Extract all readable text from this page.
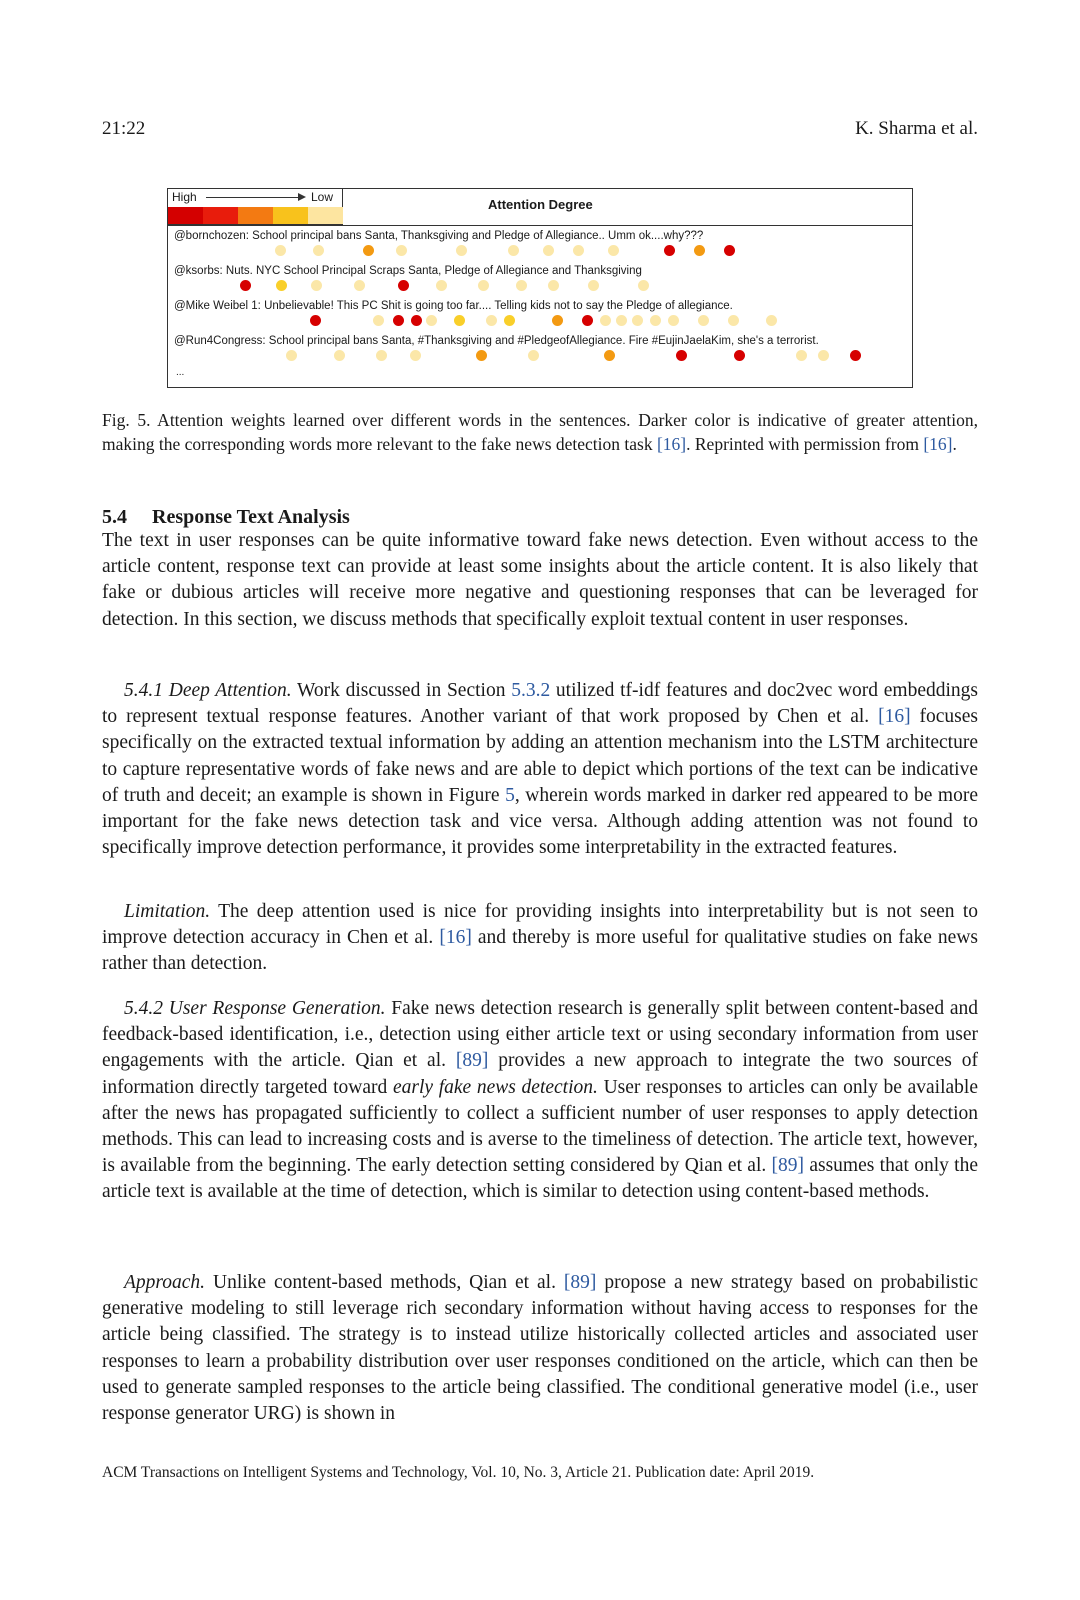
21:22	K. Sharma et al.
High	Low	Attention Degree
@bornchozen: School principal bans Santa, Thanksgiving and Pledge of Allegiance.. Umm ok....why???
@ksorbs: Nuts. NYC School Principal Scraps Santa, Pledge of Allegiance and Thanksgiving
@Mike Weibel 1: Unbelievable! This PC Shit is going too far.... Telling kids not to say the Pledge of allegiance.
@Run4Congress: School principal bans Santa, #Thanksgiving and #PledgeofAllegiance. Fire #EujinJaelaKim, she's a terrorist.
...
Fig. 5. Attention weights learned over different words in the sentences. Darker color is indicative of greater attention, making the corresponding words more relevant to the fake news detection task [16]. Reprinted with permission from [16].
5.4 Response Text Analysis
The text in user responses can be quite informative toward fake news detection. Even without access to the article content, response text can provide at least some insights about the article content. It is also likely that fake or dubious articles will receive more negative and questioning responses that can be leveraged for detection. In this section, we discuss methods that specifically exploit textual content in user responses.
5.4.1 Deep Attention. Work discussed in Section 5.3.2 utilized tf-idf features and doc2vec word embeddings to represent textual response features. Another variant of that work proposed by Chen et al. [16] focuses specifically on the extracted textual information by adding an attention mechanism into the LSTM architecture to capture representative words of fake news and are able to depict which portions of the text can be indicative of truth and deceit; an example is shown in Figure 5, wherein words marked in darker red appeared to be more important for the fake news detection task and vice versa. Although adding attention was not found to specifically improve detection performance, it provides some interpretability in the extracted features.
Limitation. The deep attention used is nice for providing insights into interpretability but is not seen to improve detection accuracy in Chen et al. [16] and thereby is more useful for qualitative studies on fake news rather than detection.
5.4.2 User Response Generation. Fake news detection research is generally split between content-based and feedback-based identification, i.e., detection using either article text or using secondary information from user engagements with the article. Qian et al. [89] provides a new approach to integrate the two sources of information directly targeted toward early fake news detection. User responses to articles can only be available after the news has propagated sufficiently to collect a sufficient number of user responses to apply detection methods. This can lead to increasing costs and is averse to the timeliness of detection. The article text, however, is available from the beginning. The early detection setting considered by Qian et al. [89] assumes that only the article text is available at the time of detection, which is similar to detection using content-based methods.
Approach. Unlike content-based methods, Qian et al. [89] propose a new strategy based on probabilistic generative modeling to still leverage rich secondary information without having access to responses for the article being classified. The strategy is to instead utilize historically collected articles and associated user responses to learn a probability distribution over user responses conditioned on the article, which can then be used to generate sampled responses to the article being classified. The conditional generative model (i.e., user response generator URG) is shown in
ACM Transactions on Intelligent Systems and Technology, Vol. 10, No. 3, Article 21. Publication date: April 2019.
